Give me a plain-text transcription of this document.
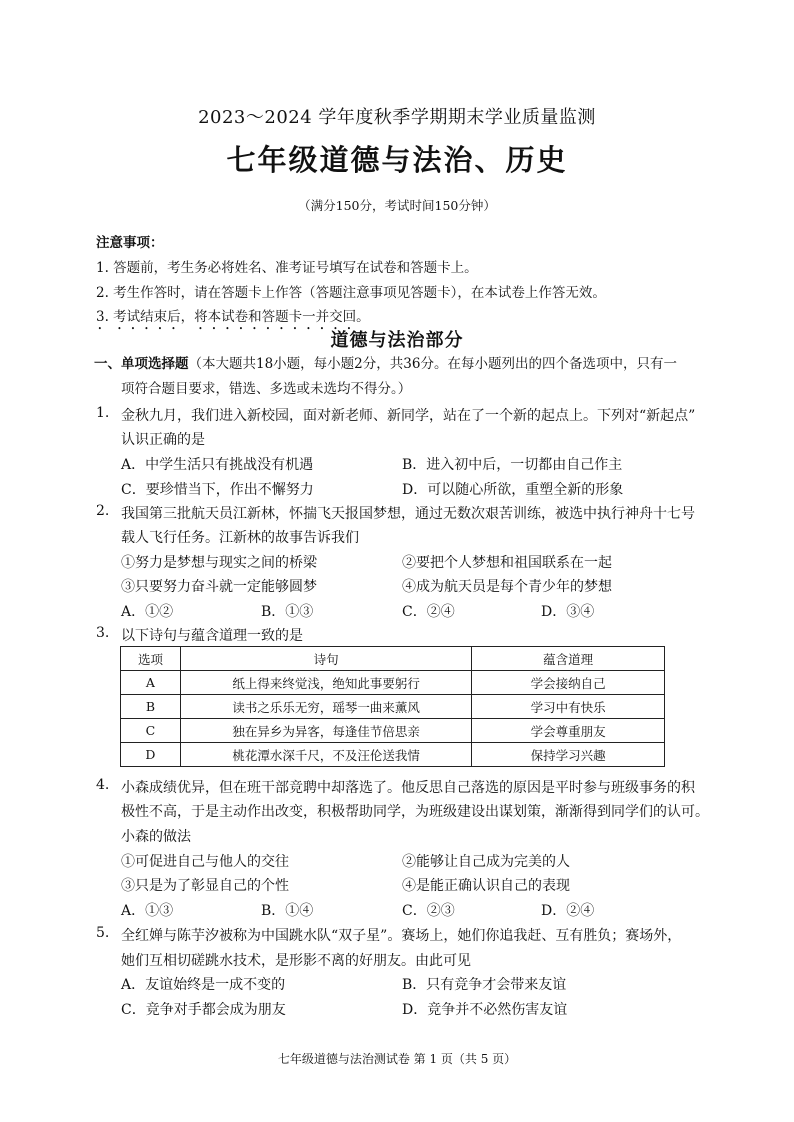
2023～2024 学年度秋季学期期末学业质量监测
七年级道德与法治、历史
（满分150分，考试时间150分钟）
注意事项：
1. 答题前，考生务必将姓名、准考证号填写在试卷和答题卡上。
2. 考生作答时，请在答题卡上作答（答题注意事项见答题卡），在本试卷上作答无效。
3. 考试结束后，将本试卷和答题卡一并交回。
道德与法治部分
一、单项选择题（本大题共18小题，每小题2分，共36分。在每小题列出的四个备选项中，只有一
项符合题目要求，错选、多选或未选均不得分。）
1. 金秋九月，我们进入新校园，面对新老师、新同学，站在了一个新的起点上。下列对“新起点”
认识正确的是
A．中学生活只有挑战没有机遇	B．进入初中后，一切都由自己作主
C．要珍惜当下，作出不懈努力	D．可以随心所欲，重塑全新的形象
2. 我国第三批航天员江新林，怀揣飞天报国梦想，通过无数次艰苦训练，被选中执行神舟十七号
载人飞行任务。江新林的故事告诉我们
①努力是梦想与现实之间的桥梁	②要把个人梦想和祖国联系在一起
③只要努力奋斗就一定能够圆梦	④成为航天员是每个青少年的梦想
A．①②	B．①③	C．②④	D．③④
3. 以下诗句与蕴含道理一致的是
选项	诗句	蕴含道理
A	纸上得来终觉浅，绝知此事要躬行	学会接纳自己
B	读书之乐乐无穷，瑶琴一曲来薰风	学习中有快乐
C	独在异乡为异客，每逢佳节倍思亲	学会尊重朋友
D	桃花潭水深千尺，不及汪伦送我情	保持学习兴趣
4. 小森成绩优异，但在班干部竞聘中却落选了。他反思自己落选的原因是平时参与班级事务的积
极性不高，于是主动作出改变，积极帮助同学，为班级建设出谋划策，渐渐得到同学们的认可。
小森的做法
①可促进自己与他人的交往	②能够让自己成为完美的人
③只是为了彰显自己的个性	④是能正确认识自己的表现
A．①③	B．①④	C．②③	D．②④
5. 全红婵与陈芋汐被称为中国跳水队“双子星”。赛场上，她们你追我赶、互有胜负；赛场外，
她们互相切磋跳水技术，是形影不离的好朋友。由此可见
A．友谊始终是一成不变的	B．只有竞争才会带来友谊
C．竞争对手都会成为朋友	D．竞争并不必然伤害友谊
七年级道德与法治测试卷 第 1 页（共 5 页）
